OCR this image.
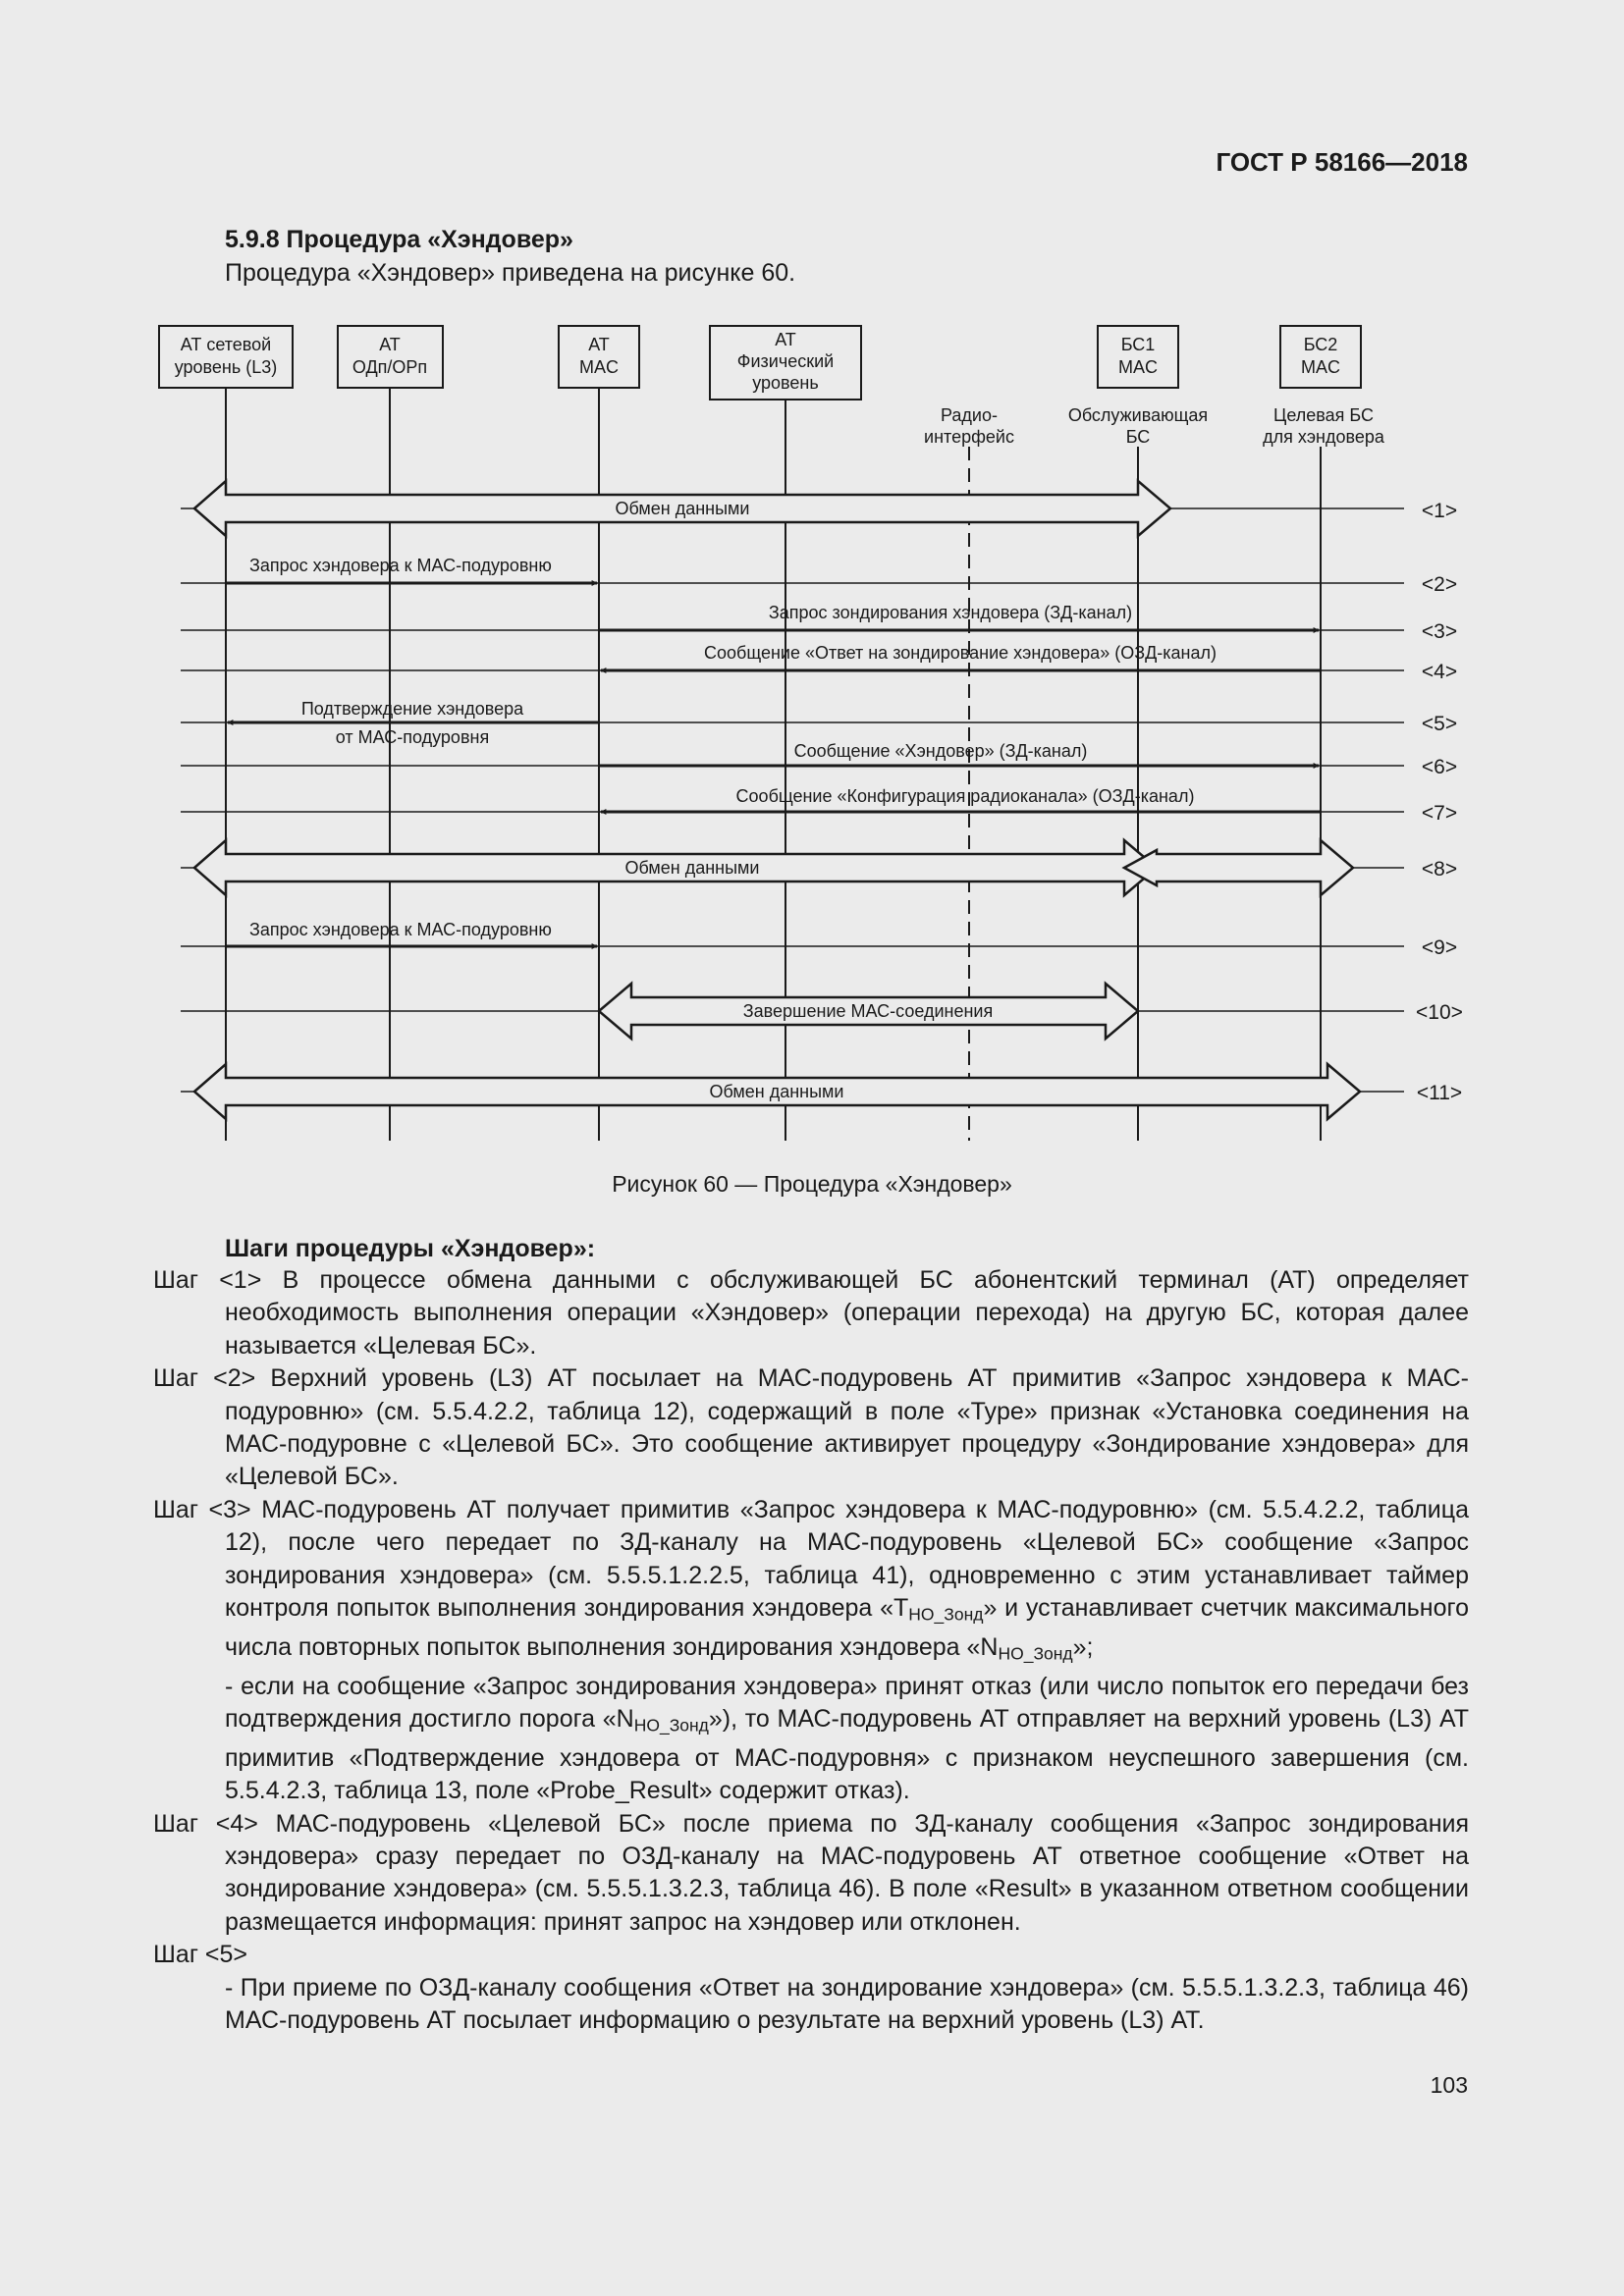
ГОСТ Р 58166—2018
5.9.8 Процедура «Хэндовер»
Процедура «Хэндовер» приведена на рисунке 60.
АТ сетевой
уровень (L3)
АТ
ОДп/ОРп
АТ
MAC
АТ
Физический
уровень
БС1
MAC
БС2
MAC
Радио-
интерфейс
Обслуживающая
БС
Целевая БС
для хэндовера
Обмен данными
Запрос хэндовера к МАС-подуровню
Запрос зондирования хэндовера (ЗД-канал)
Сообщение «Ответ на зондирование хэндовера» (ОЗД-канал)
Подтверждение хэндовера
от МАС-подуровня
Сообщение «Хэндовер» (ЗД-канал)
Сообщение «Конфигурация радиоканала» (ОЗД-канал)
Обмен данными
Запрос хэндовера к МАС-подуровню
Завершение МАС-соединения
Обмен данными
<1>
<2>
<3>
<4>
<5>
<6>
<7>
<8>
<9>
<10>
<11>
Рисунок 60 — Процедура «Хэндовер»
Шаги процедуры «Хэндовер»:

Шаг <1> В процессе обмена данными с обслуживающей БС абонентский терминал (АТ) определяет необходимость выполнения операции «Хэндовер» (операции перехода) на другую БС, которая далее называется «Целевая БС».

Шаг <2> Верхний уровень (L3) АТ посылает на МАС-подуровень АТ примитив «Запрос хэндовера к МАС-подуровню» (см. 5.5.4.2.2, таблица 12), содержащий в поле «Type» признак «Установка соединения на МАС-подуровне с «Целевой БС». Это сообщение активирует процедуру «Зондирование хэндовера» для «Целевой БС».

Шаг <3> МАС-подуровень АТ получает примитив «Запрос хэндовера к МАС-подуровню» (см. 5.5.4.2.2, таблица 12), после чего передает по ЗД-каналу на МАС-подуровень «Целевой БС» сообщение «Запрос зондирования хэндовера» (см. 5.5.5.1.2.2.5, таблица 41), одновременно с этим устанавливает таймер контроля попыток выполнения зондирования хэндовера «$T_{НО\_Зонд}$» и устанавливает счетчик максимального числа повторных попыток выполнения зондирования хэндовера «$N_{НО\_Зонд}$»;

- если на сообщение «Запрос зондирования хэндовера» принят отказ (или число попыток его передачи без подтверждения достигло порога «$N_{НО\_Зонд}$»), то МАС-подуровень АТ отправляет на верхний уровень (L3) АТ примитив «Подтверждение хэндовера от МАС-подуровня» с признаком неуспешного завершения (см. 5.5.4.2.3, таблица 13, поле «Probe_Result» содержит отказ).

Шаг <4> МАС-подуровень «Целевой БС» после приема по ЗД-каналу сообщения «Запрос зондирования хэндовера» сразу передает по ОЗД-каналу на МАС-подуровень АТ ответное сообщение «Ответ на зондирование хэндовера» (см. 5.5.5.1.3.2.3, таблица 46). В поле «Result» в указанном ответном сообщении размещается информация: принят запрос на хэндовер или отклонен.

Шаг <5>

- При приеме по ОЗД-каналу сообщения «Ответ на зондирование хэндовера» (см. 5.5.5.1.3.2.3, таблица 46) МАС-подуровень АТ посылает информацию о результате на верхний уровень (L3) АТ.

103
